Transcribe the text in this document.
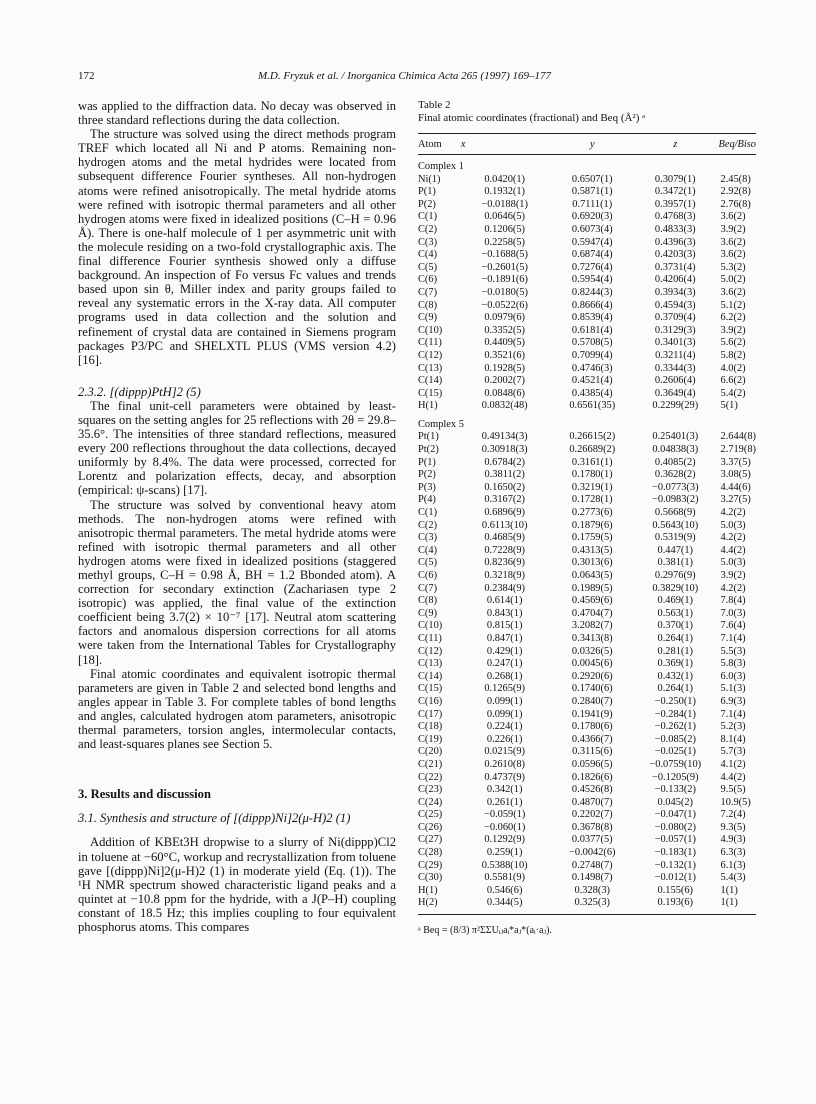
172	M.D. Fryzuk et al. / Inorganica Chimica Acta 265 (1997) 169–177

was applied to the diffraction data. No decay was observed in three standard reflections during the data collection.

The structure was solved using the direct methods program TREF which located all Ni and P atoms. Remaining non-hydrogen atoms and the metal hydrides were located from subsequent difference Fourier syntheses. All non-hydrogen atoms were refined anisotropically. The metal hydride atoms were refined with isotropic thermal parameters and all other hydrogen atoms were fixed in idealized positions (C–H = 0.96 Å). There is one-half molecule of 1 per asymmetric unit with the molecule residing on a two-fold crystallographic axis. The final difference Fourier synthesis showed only a diffuse background. An inspection of Fo versus Fc values and trends based upon sin θ, Miller index and parity groups failed to reveal any systematic errors in the X-ray data. All computer programs used in data collection and the solution and refinement of crystal data are contained in Siemens program packages P3/PC and SHELXTL PLUS (VMS version 4.2) [16].

2.3.2. [(dippp)PtH]2 (5)

The final unit-cell parameters were obtained by least-squares on the setting angles for 25 reflections with 2θ = 29.8–35.6°. The intensities of three standard reflections, measured every 200 reflections throughout the data collections, decayed uniformly by 8.4%. The data were processed, corrected for Lorentz and polarization effects, decay, and absorption (empirical: ψ-scans) [17].

The structure was solved by conventional heavy atom methods. The non-hydrogen atoms were refined with anisotropic thermal parameters. The metal hydride atoms were refined with isotropic thermal parameters and all other hydrogen atoms were fixed in idealized positions (staggered methyl groups, C–H = 0.98 Å, BH = 1.2 Bbonded atom). A correction for secondary extinction (Zachariasen type 2 isotropic) was applied, the final value of the extinction coefficient being 3.7(2) × 10⁻⁷ [17]. Neutral atom scattering factors and anomalous dispersion corrections for all atoms were taken from the International Tables for Crystallography [18].

Final atomic coordinates and equivalent isotropic thermal parameters are given in Table 2 and selected bond lengths and angles appear in Table 3. For complete tables of bond lengths and angles, calculated hydrogen atom parameters, anisotropic thermal parameters, torsion angles, intermolecular contacts, and least-squares planes see Section 5.

3. Results and discussion
3.1. Synthesis and structure of [(dippp)Ni]2(μ-H)2 (1)

Addition of KBEt3H dropwise to a slurry of Ni(dippp)Cl2 in toluene at −60°C, workup and recrystallization from toluene gave [(dippp)Ni]2(μ-H)2 (1) in moderate yield (Eq. (1)). The ¹H NMR spectrum showed characteristic ligand peaks and a quintet at −10.8 ppm for the hydride, with a J(P–H) coupling constant of 18.5 Hz; this implies coupling to four equivalent phosphorus atoms. This compares

Table 2
Final atomic coordinates (fractional) and Beq (Å²) ᵃ
Atom	x	y	z	Beq/Biso
Complex 1				
Ni(1)	0.0420(1)	0.6507(1)	0.3079(1)	2.45(8)
P(1)	0.1932(1)	0.5871(1)	0.3472(1)	2.92(8)
P(2)	−0.0188(1)	0.7111(1)	0.3957(1)	2.76(8)
C(1)	0.0646(5)	0.6920(3)	0.4768(3)	3.6(2)
C(2)	0.1206(5)	0.6073(4)	0.4833(3)	3.9(2)
C(3)	0.2258(5)	0.5947(4)	0.4396(3)	3.6(2)
C(4)	−0.1688(5)	0.6874(4)	0.4203(3)	3.6(2)
C(5)	−0.2601(5)	0.7276(4)	0.3731(4)	5.3(2)
C(6)	−0.1891(6)	0.5954(4)	0.4206(4)	5.0(2)
C(7)	−0.0180(5)	0.8244(3)	0.3934(3)	3.6(2)
C(8)	−0.0522(6)	0.8666(4)	0.4594(3)	5.1(2)
C(9)	0.0979(6)	0.8539(4)	0.3709(4)	6.2(2)
C(10)	0.3352(5)	0.6181(4)	0.3129(3)	3.9(2)
C(11)	0.4409(5)	0.5708(5)	0.3401(3)	5.6(2)
C(12)	0.3521(6)	0.7099(4)	0.3211(4)	5.8(2)
C(13)	0.1928(5)	0.4746(3)	0.3344(3)	4.0(2)
C(14)	0.2002(7)	0.4521(4)	0.2606(4)	6.6(2)
C(15)	0.0848(6)	0.4385(4)	0.3649(4)	5.4(2)
H(1)	0.0832(48)	0.6561(35)	0.2299(29)	5(1)
Complex 5				
Pt(1)	0.49134(3)	0.26615(2)	0.25401(3)	2.644(8)
Pt(2)	0.30918(3)	0.26689(2)	0.04838(3)	2.719(8)
P(1)	0.6784(2)	0.3161(1)	0.4085(2)	3.37(5)
P(2)	0.3811(2)	0.1780(1)	0.3628(2)	3.08(5)
P(3)	0.1650(2)	0.3219(1)	−0.0773(3)	4.44(6)
P(4)	0.3167(2)	0.1728(1)	−0.0983(2)	3.27(5)
C(1)	0.6896(9)	0.2773(6)	0.5668(9)	4.2(2)
C(2)	0.6113(10)	0.1879(6)	0.5643(10)	5.0(3)
C(3)	0.4685(9)	0.1759(5)	0.5319(9)	4.2(2)
C(4)	0.7228(9)	0.4313(5)	0.447(1)	4.4(2)
C(5)	0.8236(9)	0.3013(6)	0.381(1)	5.0(3)
C(6)	0.3218(9)	0.0643(5)	0.2976(9)	3.9(2)
C(7)	0.2384(9)	0.1989(5)	0.3829(10)	4.2(2)
C(8)	0.614(1)	0.4569(6)	0.469(1)	7.8(4)
C(9)	0.843(1)	0.4704(7)	0.563(1)	7.0(3)
C(10)	0.815(1)	3.2082(7)	0.370(1)	7.6(4)
C(11)	0.847(1)	0.3413(8)	0.264(1)	7.1(4)
C(12)	0.429(1)	0.0326(5)	0.281(1)	5.5(3)
C(13)	0.247(1)	0.0045(6)	0.369(1)	5.8(3)
C(14)	0.268(1)	0.2920(6)	0.432(1)	6.0(3)
C(15)	0.1265(9)	0.1740(6)	0.264(1)	5.1(3)
C(16)	0.099(1)	0.2840(7)	−0.250(1)	6.9(3)
C(17)	0.099(1)	0.1941(9)	−0.284(1)	7.1(4)
C(18)	0.224(1)	0.1780(6)	−0.262(1)	5.2(3)
C(19)	0.226(1)	0.4366(7)	−0.085(2)	8.1(4)
C(20)	0.0215(9)	0.3115(6)	−0.025(1)	5.7(3)
C(21)	0.2610(8)	0.0596(5)	−0.0759(10)	4.1(2)
C(22)	0.4737(9)	0.1826(6)	−0.1205(9)	4.4(2)
C(23)	0.342(1)	0.4526(8)	−0.133(2)	9.5(5)
C(24)	0.261(1)	0.4870(7)	0.045(2)	10.9(5)
C(25)	−0.059(1)	0.2202(7)	−0.047(1)	7.2(4)
C(26)	−0.060(1)	0.3678(8)	−0.080(2)	9.3(5)
C(27)	0.1292(9)	0.0377(5)	−0.057(1)	4.9(3)
C(28)	0.259(1)	−0.0042(6)	−0.183(1)	6.3(3)
C(29)	0.5388(10)	0.2748(7)	−0.132(1)	6.1(3)
C(30)	0.5581(9)	0.1498(7)	−0.012(1)	5.4(3)
H(1)	0.546(6)	0.328(3)	0.155(6)	1(1)
H(2)	0.344(5)	0.325(3)	0.193(6)	1(1)
ᵃ Beq = (8/3) π²ΣΣUᵢⱼaᵢ*aⱼ*(aᵢ·aⱼ).
